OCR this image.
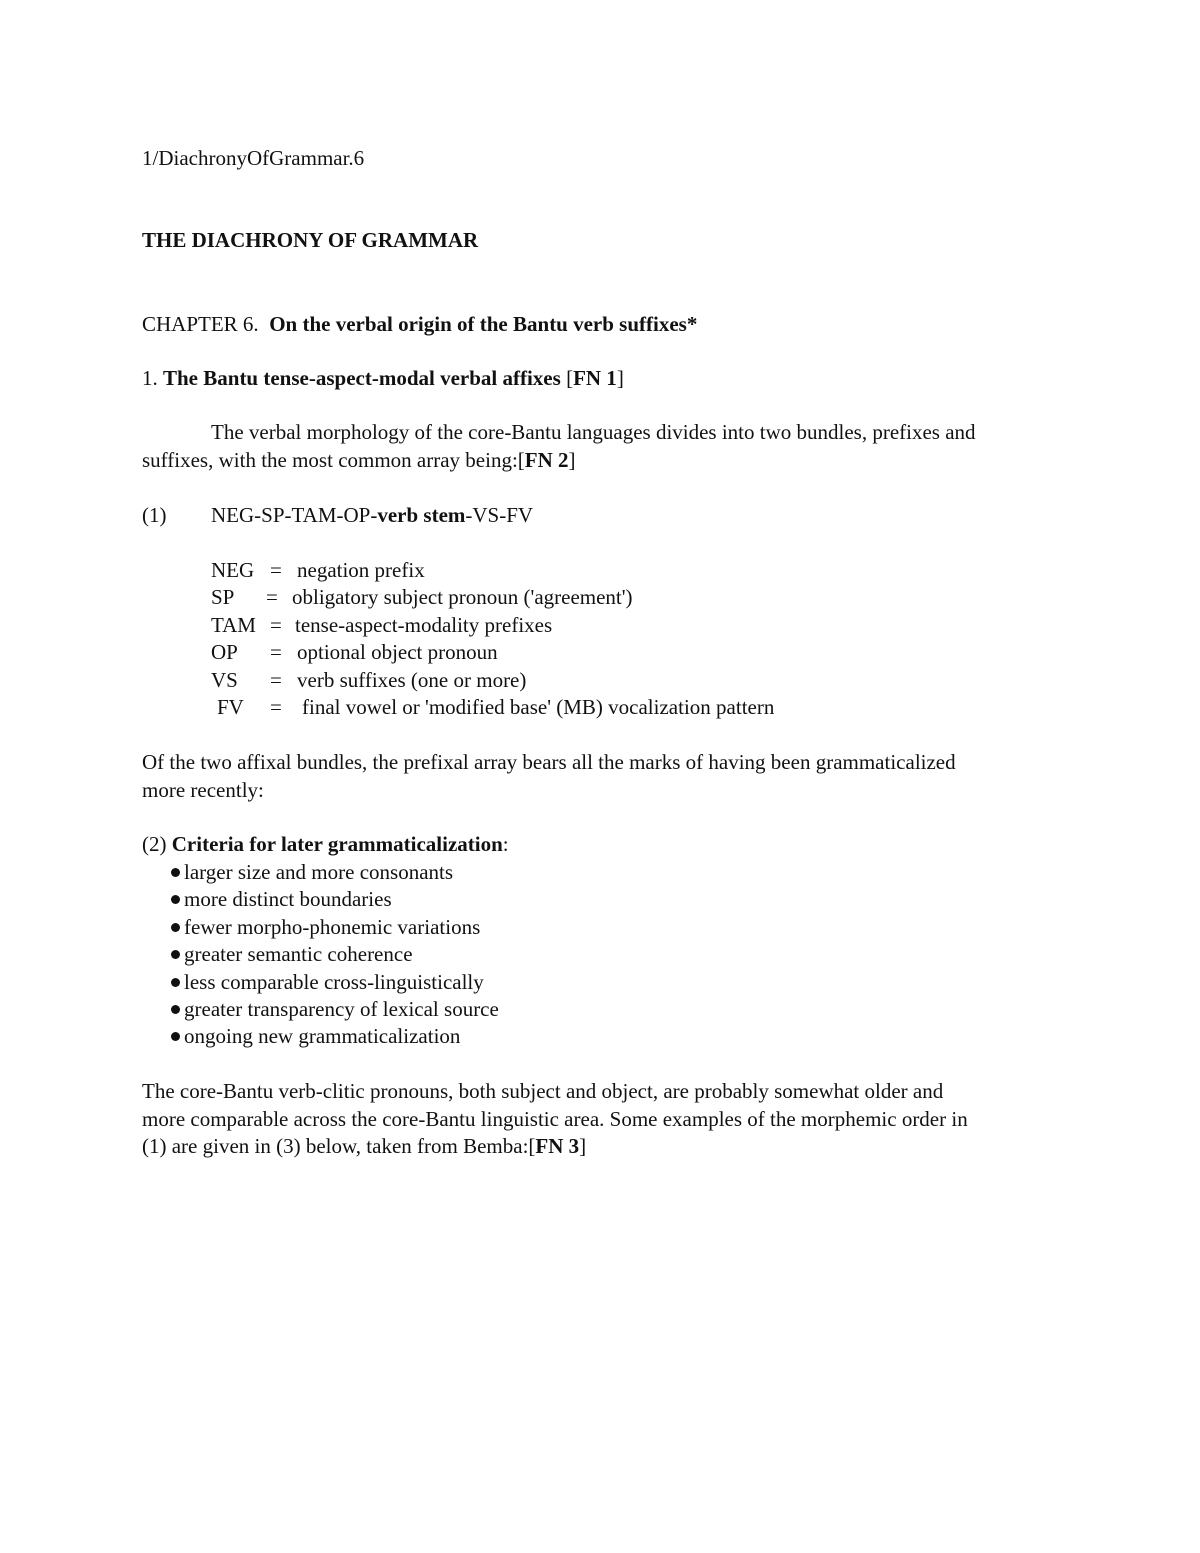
1/DiachronyOfGrammar.6
THE DIACHRONY OF GRAMMAR
CHAPTER 6. On the verbal origin of the Bantu verb suffixes*
1. The Bantu tense-aspect-modal verbal affixes [FN 1]
The verbal morphology of the core-Bantu languages divides into two bundles, prefixes and
suffixes, with the most common array being:[FN 2]
(1) NEG-SP-TAM-OP-verb stem-VS-FV
NEG = negation prefix
SP = obligatory subject pronoun ('agreement')
TAM = tense-aspect-modality prefixes
OP = optional object pronoun
VS = verb suffixes (one or more)
FV = final vowel or 'modified base' (MB) vocalization pattern
Of the two affixal bundles, the prefixal array bears all the marks of having been grammaticalized
more recently:
(2) Criteria for later grammaticalization:
larger size and more consonants
more distinct boundaries
fewer morpho-phonemic variations
greater semantic coherence
less comparable cross-linguistically
greater transparency of lexical source
ongoing new grammaticalization
The core-Bantu verb-clitic pronouns, both subject and object, are probably somewhat older and
more comparable across the core-Bantu linguistic area. Some examples of the morphemic order in
(1) are given in (3) below, taken from Bemba:[FN 3]
